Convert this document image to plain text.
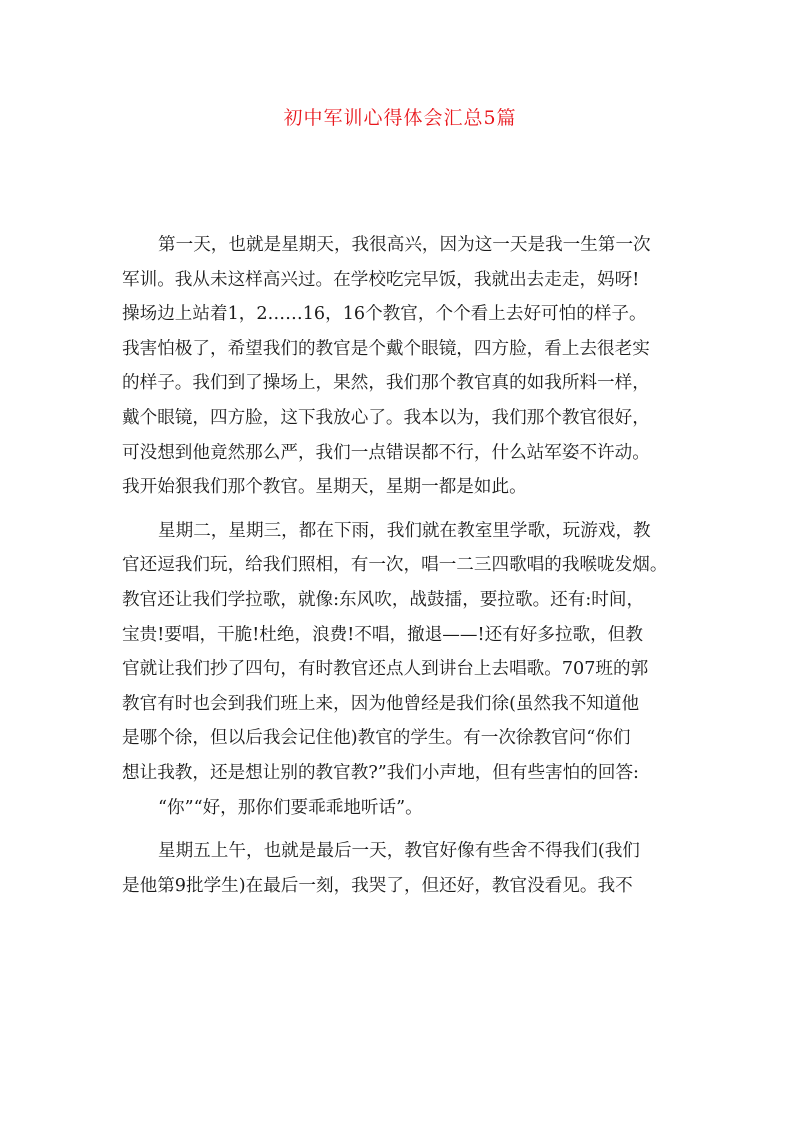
初中军训心得体会汇总5篇

第一天，也就是星期天，我很高兴，因为这一天是我一生第一次
军训。我从未这样高兴过。在学校吃完早饭，我就出去走走，妈呀!
操场边上站着1，2……16，16个教官，个个看上去好可怕的样子。
我害怕极了，希望我们的教官是个戴个眼镜，四方脸，看上去很老实
的样子。我们到了操场上，果然，我们那个教官真的如我所料一样，
戴个眼镜，四方脸，这下我放心了。我本以为，我们那个教官很好，
可没想到他竟然那么严，我们一点错误都不行，什么站军姿不许动。
我开始狠我们那个教官。星期天，星期一都是如此。

星期二，星期三，都在下雨，我们就在教室里学歌，玩游戏，教
官还逗我们玩，给我们照相，有一次，唱一二三四歌唱的我喉咙发烟。
教官还让我们学拉歌，就像:东风吹，战鼓擂，要拉歌。还有:时间，
宝贵!要唱，干脆!杜绝，浪费!不唱，撤退——!还有好多拉歌，但教
官就让我们抄了四句，有时教官还点人到讲台上去唱歌。707班的郭
教官有时也会到我们班上来，因为他曾经是我们徐(虽然我不知道他
是哪个徐，但以后我会记住他)教官的学生。有一次徐教官问“你们
想让我教，还是想让别的教官教?”我们小声地，但有些害怕的回答:
“你”“好，那你们要乖乖地听话”。

星期五上午，也就是最后一天，教官好像有些舍不得我们(我们
是他第9批学生)在最后一刻，我哭了，但还好，教官没看见。我不
